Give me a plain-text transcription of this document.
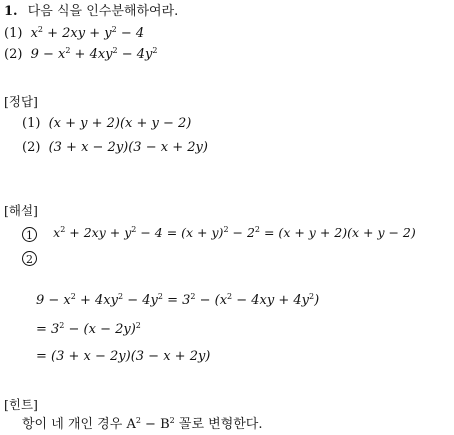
1. 다음 식을 인수분해하여라.
(1) $x^2 + 2xy + y^2 - 4$
(2) $9 - x^2 + 4xy^2 - 4y^2$
[정답]
(1) (x + y + 2)(x + y − 2)
(2) (3 + x − 2y)(3 − x + 2y)
[해설]
1 $x^2 + 2xy + y^2 - 4 = (x + y)^2 - 2^2 = (x + y + 2)(x + y - 2)$
2
$9 - x^2 + 4xy^2 - 4y^2 = 3^2 - (x^2 - 4xy + 4y^2)$
= $3^2 - (x - 2y)^2$
= (3 + x − 2y)(3 − x + 2y)
[힌트]
항이 네 개인 경우 $A^2 - B^2$ 꼴로 변형한다.
